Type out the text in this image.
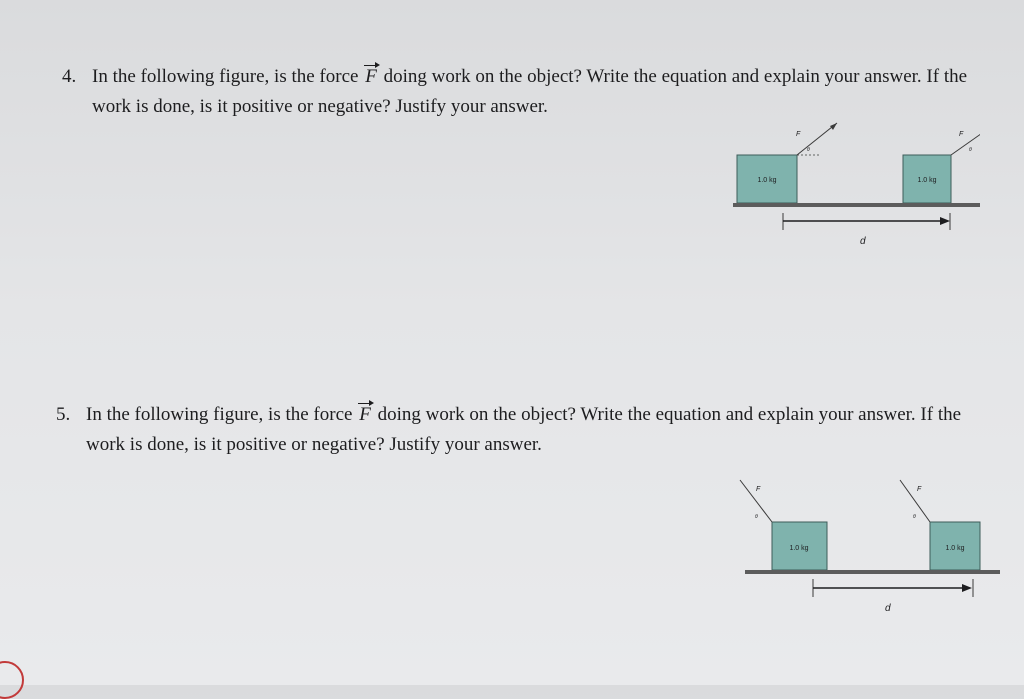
4. In the following figure, is the force F doing work on the object? Write the equation and explain your answer. If the work is done, is it positive or negative? Justify your answer.
1.0 kg
F
θ
1.0 kg
F
θ
d
5. In the following figure, is the force F doing work on the object? Write the equation and explain your answer. If the work is done, is it positive or negative? Justify your answer.
1.0 kg
F
θ
1.0 kg
F
θ
d
